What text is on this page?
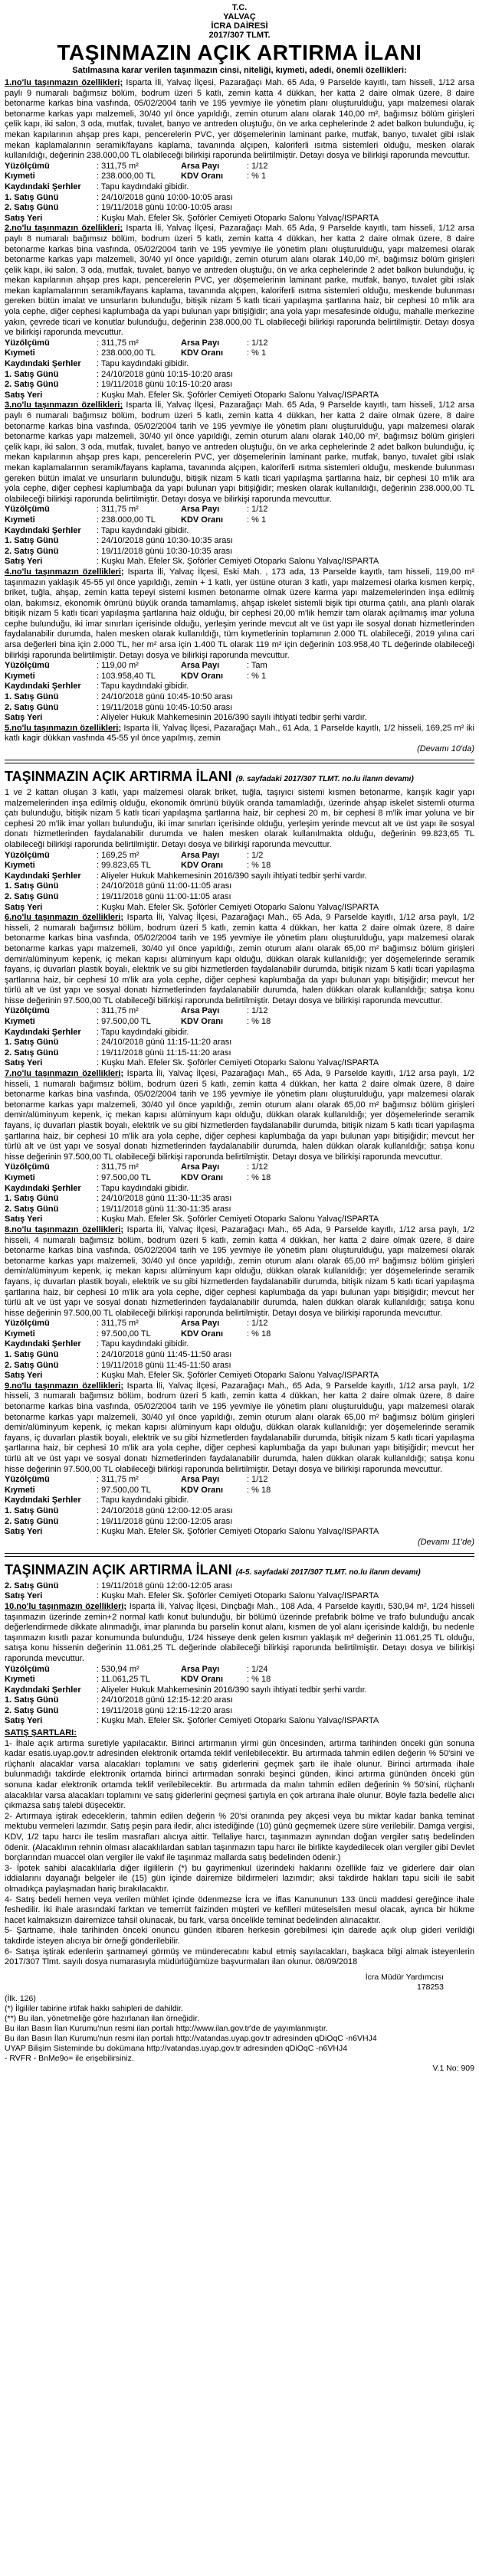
T.C.
YALVAÇ
İCRA DAİRESİ
2017/307 TLMT.
TAŞINMAZIN AÇIK ARTIRMA İLANI
Satılmasına karar verilen taşınmazın cinsi, niteliği, kıymeti, adedi, önemli özellikleri:

1.no'lu taşınmazın özellikleri; Isparta İli, Yalvaç İlçesi, Pazarağaçı Mah. 65 Ada, 9 Parselde kayıtlı, tam hisseli, 1/12 arsa paylı 9 numaralı bağımsız bölüm, bodrum üzeri 5 katlı, zemin katta 4 dükkan, her katta 2 daire olmak üzere, 8 daire betonarme karkas bina vasfında, 05/02/2004 tarih ve 195 yevmiye ile yönetim planı oluşturulduğu, yapı malzemesi olarak betonarme karkas yapı malzemeli, 30/40 yıl önce yapıldığı, zemin oturum alanı olarak 140,00 m², bağımsız bölüm girişleri çelik kapı, iki salon, 3 oda, mutfak, tuvalet, banyo ve antreden oluştuğu, ön ve arka cephelerinde 2 adet balkon bulunduğu, iç mekan kapılarının ahşap pres kapı, pencerelerin PVC, yer döşemelerinin laminant parke, mutfak, banyo, tuvalet gibi ıslak mekan kaplamalarının seramik/fayans kaplama, tavanında alçıpen, kaloriferli ısıtma sistemleri olduğu, mesken olarak kullanıldığı, değerinin 238.000,00 TL olabileceği bilirkişi raporunda belirtilmiştir. Detayı dosya ve bilirkişi raporunda mevcuttur.

Yüzölçümü	: 311,75 m²	Arsa Payı	: 1/12
Kıymeti	: 238.000,00 TL	KDV Oranı	: % 1
Kaydındaki Şerhler	: Tapu kaydındaki gibidir.
1. Satış Günü	: 24/10/2018 günü 10:00-10:05 arası
2. Satış Günü	: 19/11/2018 günü 10:00-10:05 arası
Satış Yeri	: Kuşku Mah. Efeler Sk. Şoförler Cemiyeti Otoparkı Salonu Yalvaç/ISPARTA

2.no'lu taşınmazın özellikleri; Isparta İli, Yalvaç İlçesi, Pazarağaçı Mah. 65 Ada, 9 Parselde kayıtlı, tam hisseli, 1/12 arsa paylı 8 numaralı bağımsız bölüm, bodrum üzeri 5 katlı, zemin katta 4 dükkan, her katta 2 daire olmak üzere, 8 daire betonarme karkas bina vasfında, 05/02/2004 tarih ve 195 yevmiye ile yönetim planı oluşturulduğu, yapı malzemesi olarak betonarme karkas yapı malzemeli, 30/40 yıl önce yapıldığı, zemin oturum alanı olarak 140,00 m², bağımsız bölüm girişleri çelik kapı, iki salon, 3 oda, mutfak, tuvalet, banyo ve antreden oluştuğu, ön ve arka cephelerinde 2 adet balkon bulunduğu, iç mekan kapılarının ahşap pres kapı, pencerelerin PVC, yer döşemelerinin laminant parke, mutfak, banyo, tuvalet gibi ıslak mekan kaplamalarının seramik/fayans kaplama, tavanında alçıpen, kaloriferli ısıtma sistemleri olduğu, meskende bulunması gereken bütün imalat ve unsurların bulunduğu, bitişik nizam 5 katlı ticari yapılaşma şartlarına haiz, bir cephesi 10 m'lik ara yola cephe, diğer cephesi kaplumbağa da yapı bulunan yapı bitişiğidir; ana yola yapı mesafesinde olduğu, mahalle merkezine yakın, çevrede ticari ve konutlar bulunduğu, değerinin 238.000,00 TL olabileceği bilirkişi raporunda belirtilmiştir. Detayı dosya ve bilirkişi raporunda mevcuttur.

Yüzölçümü	: 311,75 m²	Arsa Payı	: 1/12
Kıymeti	: 238.000,00 TL	KDV Oranı	: % 1
Kaydındaki Şerhler	: Tapu kaydındaki gibidir.
1. Satış Günü	: 24/10/2018 günü 10:15-10:20 arası
2. Satış Günü	: 19/11/2018 günü 10:15-10:20 arası
Satış Yeri	: Kuşku Mah. Efeler Sk. Şoförler Cemiyeti Otoparkı Salonu Yalvaç/ISPARTA

3.no'lu taşınmazın özellikleri; Isparta İli, Yalvaç İlçesi, Pazarağaçı Mah. 65 Ada, 9 Parselde kayıtlı, tam hisseli, 1/12 arsa paylı 6 numaralı bağımsız bölüm, bodrum üzeri 5 katlı, zemin katta 4 dükkan, her katta 2 daire olmak üzere, 8 daire betonarme karkas bina vasfında, 05/02/2004 tarih ve 195 yevmiye ile yönetim planı oluşturulduğu, yapı malzemesi olarak betonarme karkas yapı malzemeli, 30/40 yıl önce yapıldığı, zemin oturum alanı olarak 140,00 m², bağımsız bölüm girişleri çelik kapı, iki salon, 3 oda, mutfak, tuvalet, banyo ve antreden oluştuğu, ön ve arka cephelerinde 2 adet balkon bulunduğu, iç mekan kapılarının ahşap pres kapı, pencerelerin PVC, yer döşemelerinin laminant parke, mutfak, banyo, tuvalet gibi ıslak mekan kaplamalarının seramik/fayans kaplama, tavanında alçıpen, kaloriferli ısıtma sistemleri olduğu, meskende bulunması gereken bütün imalat ve unsurların bulunduğu, bitişik nizam 5 katlı ticari yapılaşma şartlarına haiz, bir cephesi 10 m'lik ara yola cephe, diğer cephesi kaplumbağa da yapı bulunan yapı bitişiğidir; mesken olarak kullanıldığı, değerinin 238.000,00 TL olabileceği bilirkişi raporunda belirtilmiştir. Detayı dosya ve bilirkişi raporunda mevcuttur.

Yüzölçümü	: 311,75 m²	Arsa Payı	: 1/12
Kıymeti	: 238.000,00 TL	KDV Oranı	: % 1
Kaydındaki Şerhler	: Tapu kaydındaki gibidir.
1. Satış Günü	: 24/10/2018 günü 10:30-10:35 arası
2. Satış Günü	: 19/11/2018 günü 10:30-10:35 arası
Satış Yeri	: Kuşku Mah. Efeler Sk. Şoförler Cemiyeti Otoparkı Salonu Yalvaç/ISPARTA

4.no'lu taşınmazın özellikleri; Isparta İli, Yalvaç İlçesi, Eski Mah. , 173 ada, 13 Parselde kayıtlı, tam hisseli, 119,00 m² taşınmazın yaklaşık 45-55 yıl önce yapıldığı, zemin + 1 katlı, yer üstüne oturan 3 katlı, yapı malzemesi olarka kısmen kerpiç, briket, tuğla, ahşap, zemin katta tepeyi sistemi kısmen betonarme olmak üzere karma yapı malzemelerinden inşa edilmiş olan, bakımsız, ekonomik ömrünü büyük oranda tamamlamış, ahşap iskelet sistemli bişik tipi oturma çatılı, ana planlı olarak bitişik nizam 5 katlı ticari yapılaşma şartlarına haiz olduğu, bir cephesi 20,00 m'lik hemzir tam olarak açılmamış imar yoluna cephe bulunduğu, iki imar sınırları içerisinde olduğu, yerleşim yerinde mevcut alt ve üst yapı ile sosyal donatı hizmetlerinden faydalanabilir durumda, halen mesken olarak kullanıldığı, tüm kıymetlerinin toplamının 2.000 TL olabileceği, 2019 yılına cari arsa değerleri bina için 2.000 TL, her m² arsa için 1.400 TL olarak 119 m² için değerinin 103.958,40 TL değerinde olabileceği bilirkişi raporunda belirtilmiştir. Detayı dosya ve bilirkişi raporunda mevcuttur.

Yüzölçümü	: 119,00 m²	Arsa Payı	: Tam
Kıymeti	: 103.958,40 TL	KDV Oranı	: % 1
Kaydındaki Şerhler	: Tapu kaydındaki gibidir.
1. Satış Günü	: 24/10/2018 günü 10:45-10:50 arası
2. Satış Günü	: 19/11/2018 günü 10:45-10:50 arası
Satış Yeri	: Aliyeler Hukuk Mahkemesinin 2016/390 sayılı ihtiyati tedbir şerhi vardır.

5.no'lu taşınmazın özellikleri; Isparta İli, Yalvaç İlçesi, Pazarağaçı Mah., 61 Ada, 1 Parselde kayıtlı, 1/2 hisseli, 169,25 m² iki katlı kagir dükkan vasfında 45-55 yıl önce yapılmış, zemin

(Devamı 10'da)
TAŞINMAZIN AÇIK ARTIRMA İLANI (9. sayfadaki 2017/307 TLMT. no.lu ilanın devamı)

1 ve 2 kattan oluşan 3 katlı, yapı malzemesi olarak briket, tuğla, taşıyıcı sistemi kısmen betonarme, karışık kagir yapı malzemelerinden inşa edilmiş olduğu, ekonomik ömrünü büyük oranda tamamladığı, üzerinde ahşap iskelet sistemli oturma çatı bulunduğu, bitişik nizam 5 katlı ticari yapılaşma şartlarına haiz, bir cephesi 20 m, bir cephesi 8 m'lik imar yoluna ve bir cephesi 20 m'lik imar yolları bulunduğu, iki imar sınırları içerisinde olduğu, yerleşim yerinde mevcut alt ve üst yapı ile sosyal donatı hizmetlerinden faydalanabilir durumda ve halen mesken olarak kullanılmakta olduğu, değerinin 99.823,65 TL olabileceği bilirkişi raporunda belirtilmiştir. Detayı dosya ve bilirkişi raporunda mevcuttur.

Yüzölçümü	: 169,25 m²	Arsa Payı	: 1/2
Kıymeti	: 99.823,65 TL	KDV Oranı	: % 18
Kaydındaki Şerhler	: Aliyeler Hukuk Mahkemesinin 2016/390 sayılı ihtiyati tedbir şerhi vardır.
1. Satış Günü	: 24/10/2018 günü 11:00-11:05 arası
2. Satış Günü	: 19/11/2018 günü 11:00-11:05 arası
Satış Yeri	: Kuşku Mah. Efeler Sk. Şoförler Cemiyeti Otoparkı Salonu Yalvaç/ISPARTA

6.no'lu taşınmazın özellikleri; Isparta İli, Yalvaç İlçesi, Pazarağaçı Mah., 65 Ada, 9 Parselde kayıtlı, 1/12 arsa paylı, 1/2 hisseli, 2 numaralı bağımsız bölüm, bodrum üzeri 5 katlı, zemin katta 4 dükkan, her katta 2 daire olmak üzere, 8 daire betonarme karkas bina vasfında, 05/02/2004 tarih ve 195 yevmiye ile yönetim planı oluşturulduğu, yapı malzemesi olarak betonarme karkas yapı malzemeli, 30/40 yıl önce yapıldığı, zemin oturum alanı olarak 65,00 m² bağımsız bölüm girişleri demir/alüminyum kepenk, iç mekan kapısı alüminyum kapı olduğu, dükkan olarak kullanıldığı; yer döşemelerinde seramik fayans, iç duvarları plastik boyalı, elektrik ve su gibi hizmetlerden faydalanabilir durumda, bitişik nizam 5 katlı ticari yapılaşma şartlarına haiz, bir cephesi 10 m'lik ara yola cephe, diğer cephesi kaplumbağa da yapı bulunan yapı bitişiğidir; mevcut her türlü alt ve üst yapı ve sosyal donatı hizmetlerinden faydalanabilir durumda, halen dükkan olarak kullanıldığı; satışa konu hisse değerinin 97.500,00 TL olabileceği bilirkişi raporunda belirtilmiştir. Detayı dosya ve bilirkişi raporunda mevcuttur.

Yüzölçümü	: 311,75 m²	Arsa Payı	: 1/12
Kıymeti	: 97.500,00 TL	KDV Oranı	: % 18
Kaydındaki Şerhler	: Tapu kaydındaki gibidir.
1. Satış Günü	: 24/10/2018 günü 11:15-11:20 arası
2. Satış Günü	: 19/11/2018 günü 11:15-11:20 arası
Satış Yeri	: Kuşku Mah. Efeler Sk. Şoförler Cemiyeti Otoparkı Salonu Yalvaç/ISPARTA

7.no'lu taşınmazın özellikleri; Isparta İli, Yalvaç İlçesi, Pazarağaçı Mah., 65 Ada, 9 Parselde kayıtlı, 1/12 arsa paylı, 1/2 hisseli, 1 numaralı bağımsız bölüm, bodrum üzeri 5 katlı, zemin katta 4 dükkan, her katta 2 daire olmak üzere, 8 daire betonarme karkas bina vasfında, 05/02/2004 tarih ve 195 yevmiye ile yönetim planı oluşturulduğu, yapı malzemesi olarak betonarme karkas yapı malzemeli, 30/40 yıl önce yapıldığı, zemin oturum alanı olarak 65,00 m² bağımsız bölüm girişleri demir/alüminyum kepenk, iç mekan kapısı alüminyum kapı olduğu, dükkan olarak kullanıldığı; yer döşemelerinde seramik fayans, iç duvarları plastik boyalı, elektrik ve su gibi hizmetlerden faydalanabilir durumda, bitişik nizam 5 katlı ticari yapılaşma şartlarına haiz, bir cephesi 10 m'lik ara yola cephe, diğer cephesi kaplumbağa da yapı bulunan yapı bitişiğidir; mevcut her türlü alt ve üst yapı ve sosyal donatı hizmetlerinden faydalanabilir durumda, halen dükkan olarak kullanıldığı; satışa konu hisse değerinin 97.500,00 TL olabileceği bilirkişi raporunda belirtilmiştir. Detayı dosya ve bilirkişi raporunda mevcuttur.

Yüzölçümü	: 311,75 m²	Arsa Payı	: 1/12
Kıymeti	: 97.500,00 TL	KDV Oranı	: % 18
Kaydındaki Şerhler	: Tapu kaydındaki gibidir.
1. Satış Günü	: 24/10/2018 günü 11:30-11:35 arası
2. Satış Günü	: 19/11/2018 günü 11:30-11:35 arası
Satış Yeri	: Kuşku Mah. Efeler Sk. Şoförler Cemiyeti Otoparkı Salonu Yalvaç/ISPARTA

8.no'lu taşınmazın özellikleri; Isparta İli, Yalvaç İlçesi, Pazarağaçı Mah., 65 Ada, 9 Parselde kayıtlı, 1/12 arsa paylı, 1/2 hisseli, 4 numaralı bağımsız bölüm, bodrum üzeri 5 katlı, zemin katta 4 dükkan, her katta 2 daire olmak üzere, 8 daire betonarme karkas bina vasfında, 05/02/2004 tarih ve 195 yevmiye ile yönetim planı oluşturulduğu, yapı malzemesi olarak betonarme karkas yapı malzemeli, 30/40 yıl önce yapıldığı, zemin oturum alanı olarak 65,00 m² bağımsız bölüm girişleri demir/alüminyum kepenk, iç mekan kapısı alüminyum kapı olduğu, dükkan olarak kullanıldığı; yer döşemelerinde seramik fayans, iç duvarları plastik boyalı, elektrik ve su gibi hizmetlerden faydalanabilir durumda, bitişik nizam 5 katlı ticari yapılaşma şartlarına haiz, bir cephesi 10 m'lik ara yola cephe, diğer cephesi kaplumbağa da yapı bulunan yapı bitişiğidir; mevcut her türlü alt ve üst yapı ve sosyal donatı hizmetlerinden faydalanabilir durumda, halen dükkan olarak kullanıldığı; satışa konu hisse değerinin 97.500,00 TL olabileceği bilirkişi raporunda belirtilmiştir. Detayı dosya ve bilirkişi raporunda mevcuttur.

Yüzölçümü	: 311,75 m²	Arsa Payı	: 1/12
Kıymeti	: 97.500,00 TL	KDV Oranı	: % 18
Kaydındaki Şerhler	: Tapu kaydındaki gibidir.
1. Satış Günü	: 24/10/2018 günü 11:45-11:50 arası
2. Satış Günü	: 19/11/2018 günü 11:45-11:50 arası
Satış Yeri	: Kuşku Mah. Efeler Sk. Şoförler Cemiyeti Otoparkı Salonu Yalvaç/ISPARTA

9.no'lu taşınmazın özellikleri; Isparta İli, Yalvaç İlçesi, Pazarağaçı Mah., 65 Ada, 9 Parselde kayıtlı, 1/12 arsa paylı, 1/2 hisseli, 3 numaralı bağımsız bölüm, bodrum üzeri 5 katlı, zemin katta 4 dükkan, her katta 2 daire olmak üzere, 8 daire betonarme karkas bina vasfında, 05/02/2004 tarih ve 195 yevmiye ile yönetim planı oluşturulduğu, yapı malzemesi olarak betonarme karkas yapı malzemeli, 30/40 yıl önce yapıldığı, zemin oturum alanı olarak 65,00 m² bağımsız bölüm girişleri demir/alüminyum kepenk, iç mekan kapısı alüminyum kapı olduğu, dükkan olarak kullanıldığı; yer döşemelerinde seramik fayans, iç duvarları plastik boyalı, elektrik ve su gibi hizmetlerden faydalanabilir durumda, bitişik nizam 5 katlı ticari yapılaşma şartlarına haiz, bir cephesi 10 m'lik ara yola cephe, diğer cephesi kaplumbağa da yapı bulunan yapı bitişiğidir; mevcut her türlü alt ve üst yapı ve sosyal donatı hizmetlerinden faydalanabilir durumda, halen dükkan olarak kullanıldığı; satışa konu hisse değerinin 97.500,00 TL olabileceği bilirkişi raporunda belirtilmiştir. Detayı dosya ve bilirkişi raporunda mevcuttur.

Yüzölçümü	: 311,75 m²	Arsa Payı	: 1/12
Kıymeti	: 97.500,00 TL	KDV Oranı	: % 18
Kaydındaki Şerhler	: Tapu kaydındaki gibidir.
1. Satış Günü	: 24/10/2018 günü 12:00-12:05 arası
2. Satış Günü	: 19/11/2018 günü 12:00-12:05 arası
Satış Yeri	: Kuşku Mah. Efeler Sk. Şoförler Cemiyeti Otoparkı Salonu Yalvaç/ISPARTA
(Devamı 11'de)
TAŞINMAZIN AÇIK ARTIRMA İLANI (4-5. sayfadaki 2017/307 TLMT. no.lu ilanın devamı)
2. Satış Günü	: 19/11/2018 günü 12:00-12:05 arası
Satış Yeri	: Kuşku Mah. Efeler Sk. Şoförler Cemiyeti Otoparkı Salonu Yalvaç/ISPARTA

10.no'lu taşınmazın özellikleri; Isparta İli, Yalvaç İlçesi, Dinçbağı Mah., 108 Ada, 4 Parselde kayıtlı, 530,94 m², 1/24 hisseli taşınmazın üzerinde zemin+2 normal katlı konut bulunduğu, bir bölümü üzerinde prefabrik bölme ve trafo bulunduğu ancak değerlendirmede dikkate alınmadığı, imar planında bu parselin konut alanı, kısmen de yol alanı içerisinde kaldığı, bu nedenle taşınmazın kısıtlı pazar konumunda bulunduğu, 1/24 hisseye denk gelen kısmın yaklaşık m² değerinin 11.061,25 TL olduğu, satışa konu hissenin değerinin 11.061,25 TL değerinde olabileceği bilirkişi raporunda belirtilmiştir. Detayı dosya ve bilirkişi raporunda mevcuttur.

Yüzölçümü	: 530,94 m²	Arsa Payı	: 1/24
Kıymeti	: 11.061,25 TL	KDV Oranı	: % 18
Kaydındaki Şerhler	: Aliyeler Hukuk Mahkemesinin 2016/390 sayılı ihtiyati tedbir şerhi vardır.
1. Satış Günü	: 24/10/2018 günü 12:15-12:20 arası
2. Satış Günü	: 19/11/2018 günü 12:15-12:20 arası
Satış Yeri	: Kuşku Mah. Efeler Sk. Şoförler Cemiyeti Otoparkı Salonu Yalvaç/ISPARTA
SATIŞ ŞARTLARI:

1- İhale açık artırma suretiyle yapılacaktır. Birinci artırmanın yirmi gün öncesinden, artırma tarihinden önceki gün sonuna kadar esatis.uyap.gov.tr adresinden elektronik ortamda teklif verilebilecektir. Bu artırmada tahmin edilen değerin % 50'sini ve rüçhanlı alacaklar varsa alacakları toplamını ve satış giderlerini geçmek şartı ile ihale olunur. Birinci artırmada ihale bulunmadığı takdirde elektronik ortamda birinci artırmadan sonraki beşinci günden, ikinci artırma gününden önceki gün sonuna kadar elektronik ortamda teklif verilebilecektir. Bu artırmada da malın tahmin edilen değerinin % 50'sini, rüçhanlı alacaklılar varsa alacakları toplamını ve satış giderlerini geçmesi şartıyla en çok artırana ihale olunur. Böyle fazla bedelle alıcı çıkmazsa satış talebi düşecektir.

2- Artırmaya iştirak edeceklerin, tahmin edilen değerin % 20'si oranında pey akçesi veya bu miktar kadar banka teminat mektubu vermeleri lazımdır. Satış peşin para iledir, alıcı istediğinde (10) günü geçmemek üzere süre verilebilir. Damga vergisi, KDV, 1/2 tapu harcı ile teslim masrafları alıcıya aittir. Tellaliye harcı, taşınmazın aynından doğan vergiler satış bedelinden ödenir. (Alacaklının rehnin olması alacaklılardan satılan taşınmazın tapu harcı ile birlikte kaydedilecek olan vergiler gibi Devlet borçlarından muaccel olan vergiler ile vakıf ile taşınmaz mallarda satış bedelinden ödenir.)

3- İpotek sahibi alacaklılarla diğer ilgililerin (*) bu gayrimenkul üzerindeki haklarını özellikle faiz ve giderlere dair olan iddialarını dayanağı belgeler ile (15) gün içinde dairemize bildirmeleri lazımdır; aksi takdirde hakları tapu sicili ile sabit olmadıkça paylaşmadan hariç bırakılacaktır.

4- Satış bedeli hemen veya verilen mühlet içinde ödenmezse İcra ve İflas Kanununun 133 üncü maddesi gereğince ihale feshedilir. İki ihale arasındaki farktan ve temerrüt faizinden müşteri ve kefilleri müteselsilen mesul olacak, ayrıca bir hükme hacet kalmaksızın dairemizce tahsil olunacak, bu fark, varsa öncelikle teminat bedelinden alınacaktır.

5- Şartname, ihale tarihinden önceki onuncu günden itibaren herkesin görebilmesi için dairede açık olup gideri verildiği takdirde isteyen alıcıya bir örneği gönderilebilir.

6- Satışa iştirak edenlerin şartnameyi görmüş ve münderecatını kabul etmiş sayılacakları, başkaca bilgi almak isteyenlerin 2017/307 Tlmt. sayılı dosya numarasıyla müdürlüğümüze başvurmaları ilan olunur. 08/09/2018

İcra Müdür Yardımcısı
178253
(İlk. 126)
(*) İlgililer tabirine irtifak hakkı sahipleri de dahildir.
(**) Bu ilan, yönetmeliğe göre hazırlanan ilan örneğidir.
Bu ilan Basın İlan Kurumu'nun resmi ilan portalı http://www.ilan.gov.tr'de de yayımlanmıştır.
Bu ilan Basın İlan Kurumu'nun resmi ilan portalı http://vatandas.uyap.gov.tr adresinden qDiOqC -n6VHJ4
UYAP Bilişim Sisteminde bu dokümana http://vatandas.uyap.gov.tr adresinden qDiOqC -n6VHJ4
- RVFR - BnMe9o= ile erişebilirsiniz.
V.1 No: 909
